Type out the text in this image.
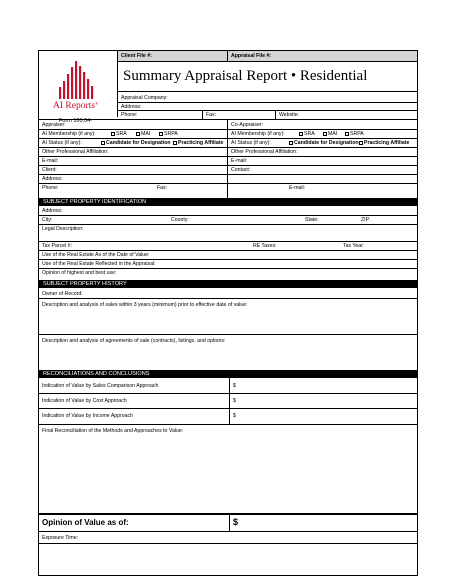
Client File #:	Appraisal File #:
AI Reports®
Form 100.04*
Summary Appraisal Report • Residential
Appraisal Company:
Address:
Phone:	Fax:	Website:
Appraiser:	Co-Appraiser:
AI Membership (if any):	SRA	MAI	SRPA	AI Membership (if any):	SRA	MAI	SRPA
AI Status (if any):	Candidate for Designation	Practicing Affiliate AI Status (if any):	Candidate for Designation	Practicing Affiliate
Other Professional Affiliation:	Other Professional Affiliation:
E-mail:	E-mail:
Client:	Contact:
Address:
Phone:	Fax:	E-mail:
SUBJECT PROPERTY IDENTIFICATION
Address:
City:	County:	State:	ZIP:
Legal Description:
Tax Parcel #:	RE Taxes:	Tax Year:
Use of the Real Estate As of the Date of Value:
Use of the Real Estate Reflected in the Appraisal:
Opinion of highest and best use:
SUBJECT PROPERTY HISTORY
Owner of Record:
Description and analysis of sales within 3 years (minimum) prior to effective date of value:
Description and analysis of agreements of sale (contracts), listings, and options:
RECONCILIATIONS AND CONCLUSIONS
Indication of Value by Sales Comparison Approach	$
Indication of Value by Cost Approach	$
Indication of Value by Income Approach	$
Final Reconciliation of the Methods and Approaches to Value:
Opinion of Value as of:	$
Exposure Time:
